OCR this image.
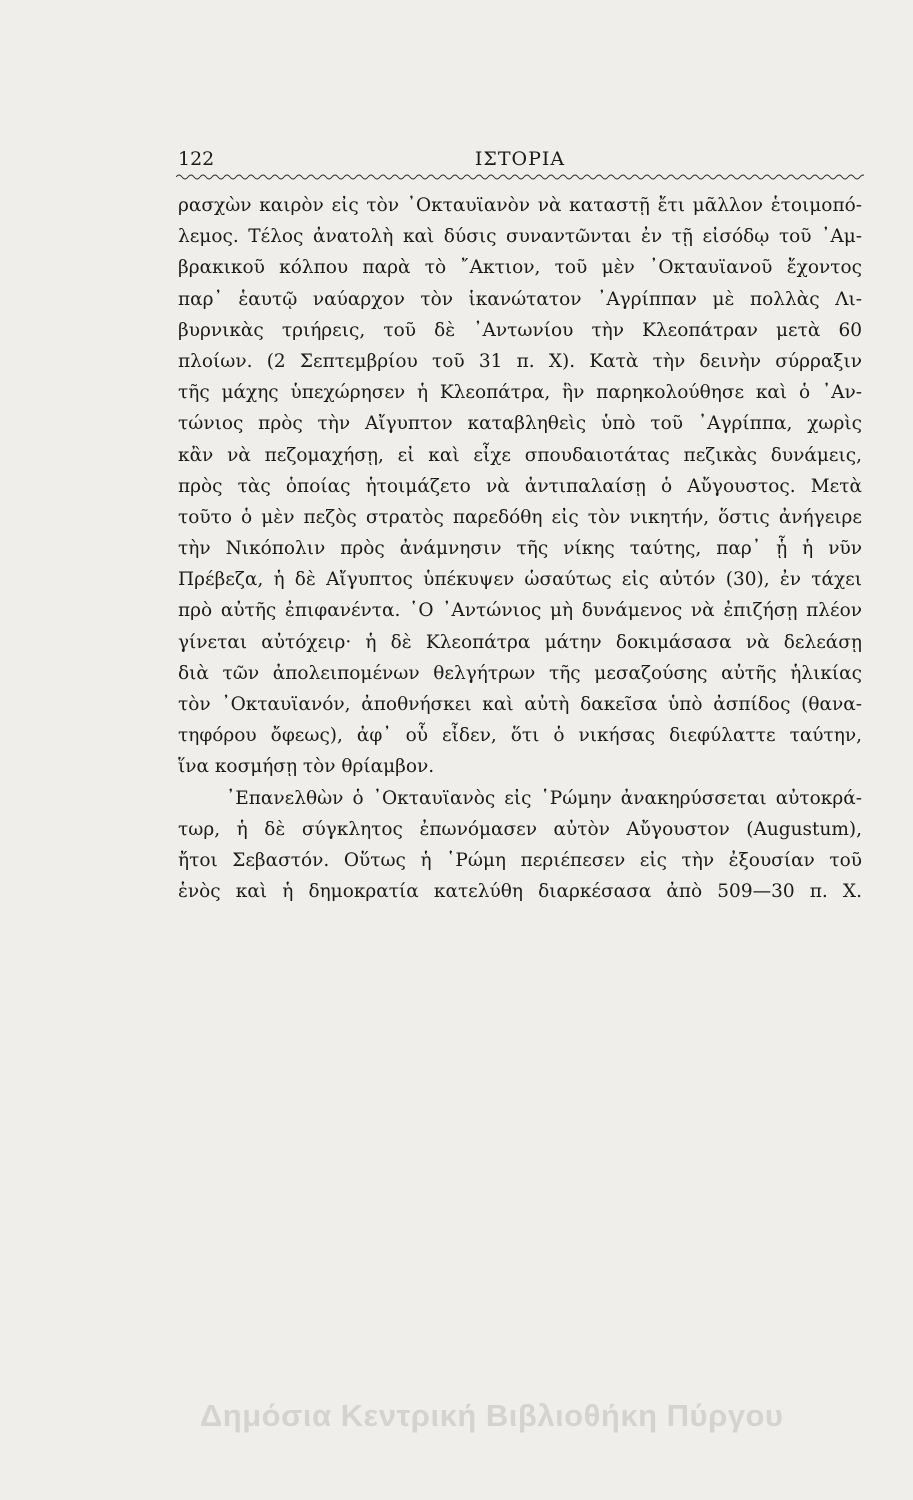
122	ΙΣΤΟΡΙΑ
ρασχὼν καιρὸν εἰς τὸν ᾿Οκταυϊανὸν νὰ καταστῇ ἔτι μᾶλλον ἑτοιμοπό-
λεμος. Τέλος ἀνατολὴ καὶ δύσις συναντῶνται ἐν τῇ εἰσόδῳ τοῦ ᾿Αμ-
βρακικοῦ κόλπου παρὰ τὸ ῎Ακτιον, τοῦ μὲν ᾿Οκταυϊανοῦ ἔχοντος
παρ᾿ ἑαυτῷ ναύαρχον τὸν ἱκανώτατον ᾿Αγρίππαν μὲ πολλὰς Λι-
βυρνικὰς τριήρεις, τοῦ δὲ ᾿Αντωνίου τὴν Κλεοπάτραν μετὰ 60
πλοίων. (2 Σεπτεμβρίου τοῦ 31 π. Χ). Κατὰ τὴν δεινὴν σύρραξιν
τῆς μάχης ὑπεχώρησεν ἡ Κλεοπάτρα, ἣν παρηκολούθησε καὶ ὁ ᾿Αν-
τώνιος πρὸς τὴν Αἴγυπτον καταβληθεὶς ὑπὸ τοῦ ᾿Αγρίππα, χωρὶς
κἂν νὰ πεζομαχήσῃ, εἰ καὶ εἶχε σπουδαιοτάτας πεζικὰς δυνάμεις,
πρὸς τὰς ὁποίας ἡτοιμάζετο νὰ ἀντιπαλαίσῃ ὁ Αὔγουστος. Μετὰ
τοῦτο ὁ μὲν πεζὸς στρατὸς παρεδόθη εἰς τὸν νικητήν, ὅστις ἀνήγειρε
τὴν Νικόπολιν πρὸς ἀνάμνησιν τῆς νίκης ταύτης, παρ᾿ ᾗ ἡ νῦν
Πρέβεζα, ἡ δὲ Αἴγυπτος ὑπέκυψεν ὡσαύτως εἰς αὐτόν (30), ἐν τάχει
πρὸ αὐτῆς ἐπιφανέντα. ῾Ο ᾿Αντώνιος μὴ δυνάμενος νὰ ἐπιζήσῃ πλέον
γίνεται αὐτόχειρ· ἡ δὲ Κλεοπάτρα μάτην δοκιμάσασα νὰ δελεάσῃ
διὰ τῶν ἀπολειπομένων θελγήτρων τῆς μεσαζούσης αὐτῆς ἡλικίας
τὸν ᾿Οκταυϊανόν, ἀποθνήσκει καὶ αὐτὴ δακεῖσα ὑπὸ ἀσπίδος (θανα-
τηφόρου ὄφεως), ἀφ᾿ οὗ εἶδεν, ὅτι ὁ νικήσας διεφύλαττε ταύτην,
ἵνα κοσμήσῃ τὸν θρίαμβον.
᾿Επανελθὼν ὁ ᾿Οκταυϊανὸς εἰς ῾Ρώμην ἀνακηρύσσεται αὐτοκρά-
τωρ, ἡ δὲ σύγκλητος ἐπωνόμασεν αὐτὸν Αὔγουστον (Augustum),
ἤτοι Σεβαστόν. Οὕτως ἡ ῾Ρώμη περιέπεσεν εἰς τὴν ἐξουσίαν τοῦ
ἑνὸς καὶ ἡ δημοκρατία κατελύθη διαρκέσασα ἀπὸ 509—30 π. Χ.
Δημόσια Κεντρική Βιβλιοθήκη Πύργου
